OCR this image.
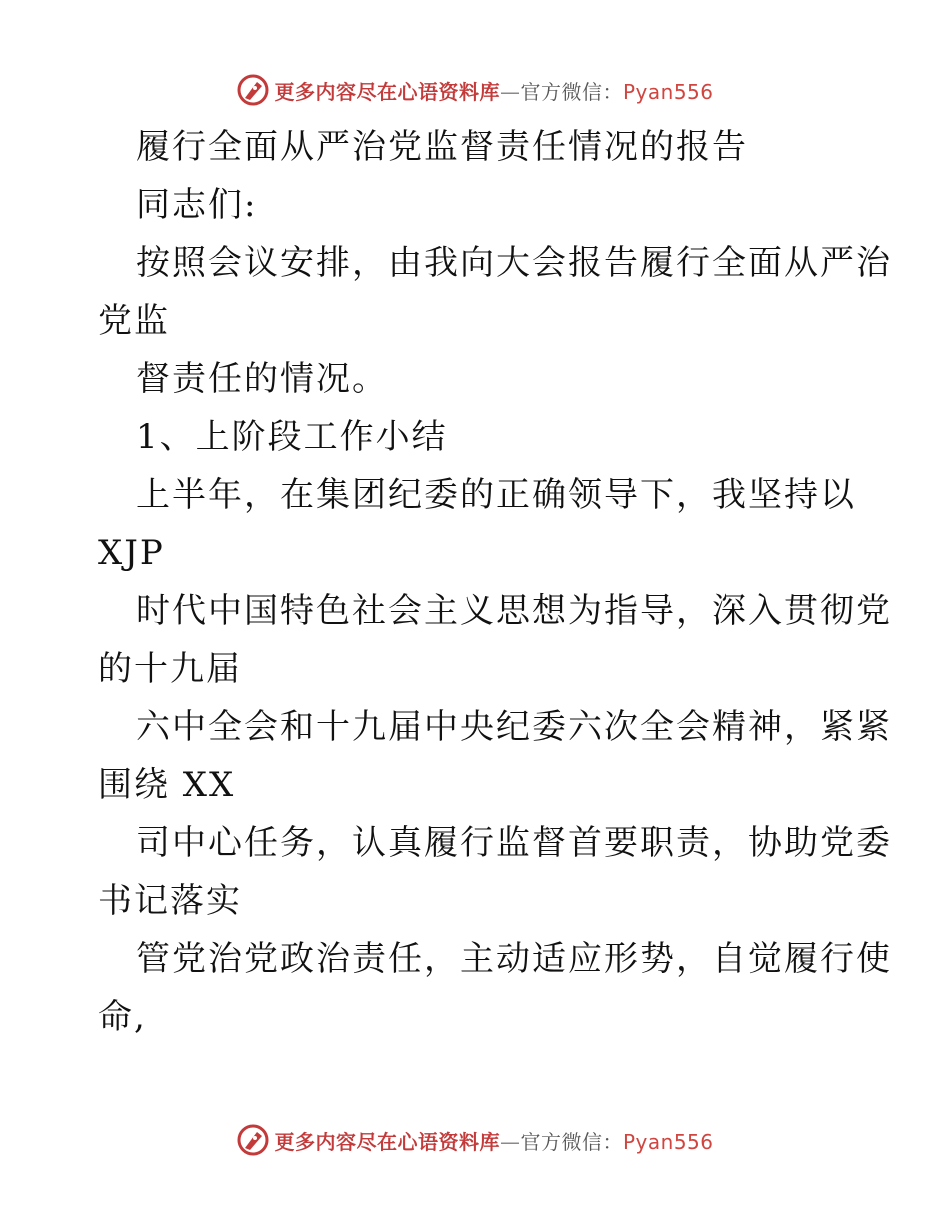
更多内容尽在心语资料库—官方微信：Pyan556
履行全面从严治党监督责任情况的报告
同志们:
按照会议安排，由我向大会报告履行全面从严治
党监
督责任的情况。
1、上阶段工作小结
上半年，在集团纪委的正确领导下，我坚持以
XJP
时代中国特色社会主义思想为指导，深入贯彻党
的十九届
六中全会和十九届中央纪委六次全会精神，紧紧
围绕 XX
司中心任务，认真履行监督首要职责，协助党委
书记落实
管党治党政治责任，主动适应形势，自觉履行使
命,
更多内容尽在心语资料库—官方微信：Pyan556
